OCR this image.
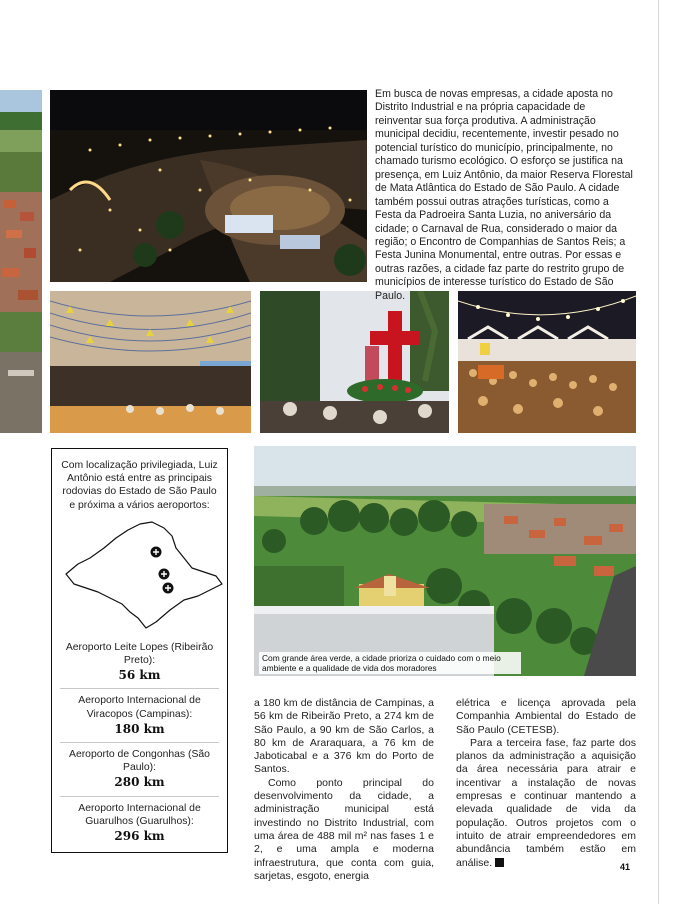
Em busca de novas empresas, a cidade aposta no Distrito Industrial e na própria capacidade de reinventar sua força produtiva. A administração municipal decidiu, recentemente, investir pesado no potencial turístico do município, principalmente, no chamado turismo ecológico. O esforço se justifica na presença, em Luiz Antônio, da maior Reserva Florestal de Mata Atlântica do Estado de São Paulo. A cidade também possui outras atrações turísticas, como a Festa da Padroeira Santa Luzia, no aniversário da cidade; o Carnaval de Rua, considerado o maior da região; o Encontro de Companhias de Santos Reis; a Festa Junina Monumental, entre outras. Por essas e outras razões, a cidade faz parte do restrito grupo de municípios de interesse turístico do Estado de São Paulo.

Com localização privilegiada, Luiz Antônio está entre as principais rodovias do Estado de São Paulo e próxima a vários aeroportos:

Aeroporto Leite Lopes (Ribeirão Preto):
56 km
Aeroporto Internacional de Viracopos (Campinas):
180 km
Aeroporto de Congonhas (São Paulo):
280 km
Aeroporto Internacional de Guarulhos (Guarulhos):
296 km
Com grande área verde, a cidade prioriza o cuidado com o meio ambiente e a qualidade de vida dos moradores

a 180 km de distância de Campinas, a 56 km de Ribeirão Preto, a 274 km de São Paulo, a 90 km de São Carlos, a 80 km de Araraquara, a 76 km de Jaboticabal e a 376 km do Porto de Santos.

Como ponto principal do desenvolvimento da cidade, a administração municipal está investindo no Distrito Industrial, com uma área de 488 mil m² nas fases 1 e 2, e uma ampla e moderna infraestrutura, que conta com guia, sarjetas, esgoto, energia

elétrica e licença aprovada pela Companhia Ambiental do Estado de São Paulo (CETESB).

Para a terceira fase, faz parte dos planos da administração a aquisição da área necessária para atrair e incentivar a instalação de novas empresas e continuar mantendo a elevada qualidade de vida da população. Outros projetos com o intuito de atrair empreendedores em abundância também estão em análise.	41
